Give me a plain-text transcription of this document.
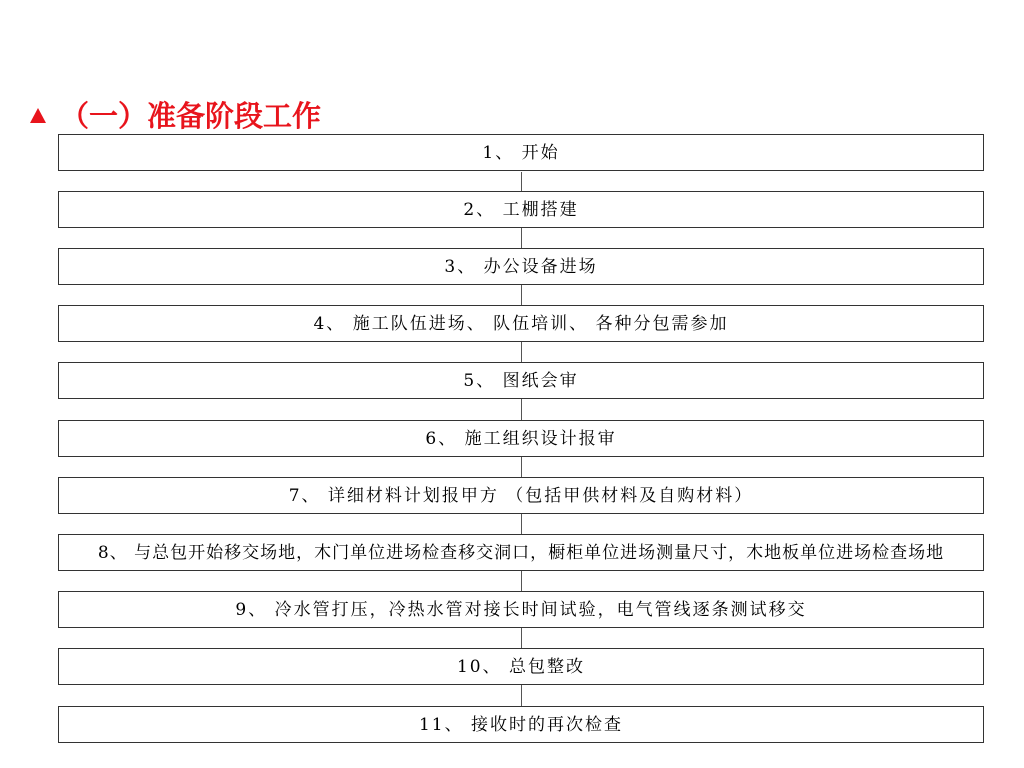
（一）准备阶段工作
1、 开始
2、 工棚搭建
3、 办公设备进场
4、 施工队伍进场、 队伍培训、 各种分包需参加
5、 图纸会审
6、 施工组织设计报审
7、 详细材料计划报甲方 （包括甲供材料及自购材料）
8、 与总包开始移交场地，木门单位进场检查移交洞口，橱柜单位进场测量尺寸，木地板单位进场检查场地
9、 冷水管打压，冷热水管对接长时间试验，电气管线逐条测试移交
10、 总包整改
11、 接收时的再次检查
